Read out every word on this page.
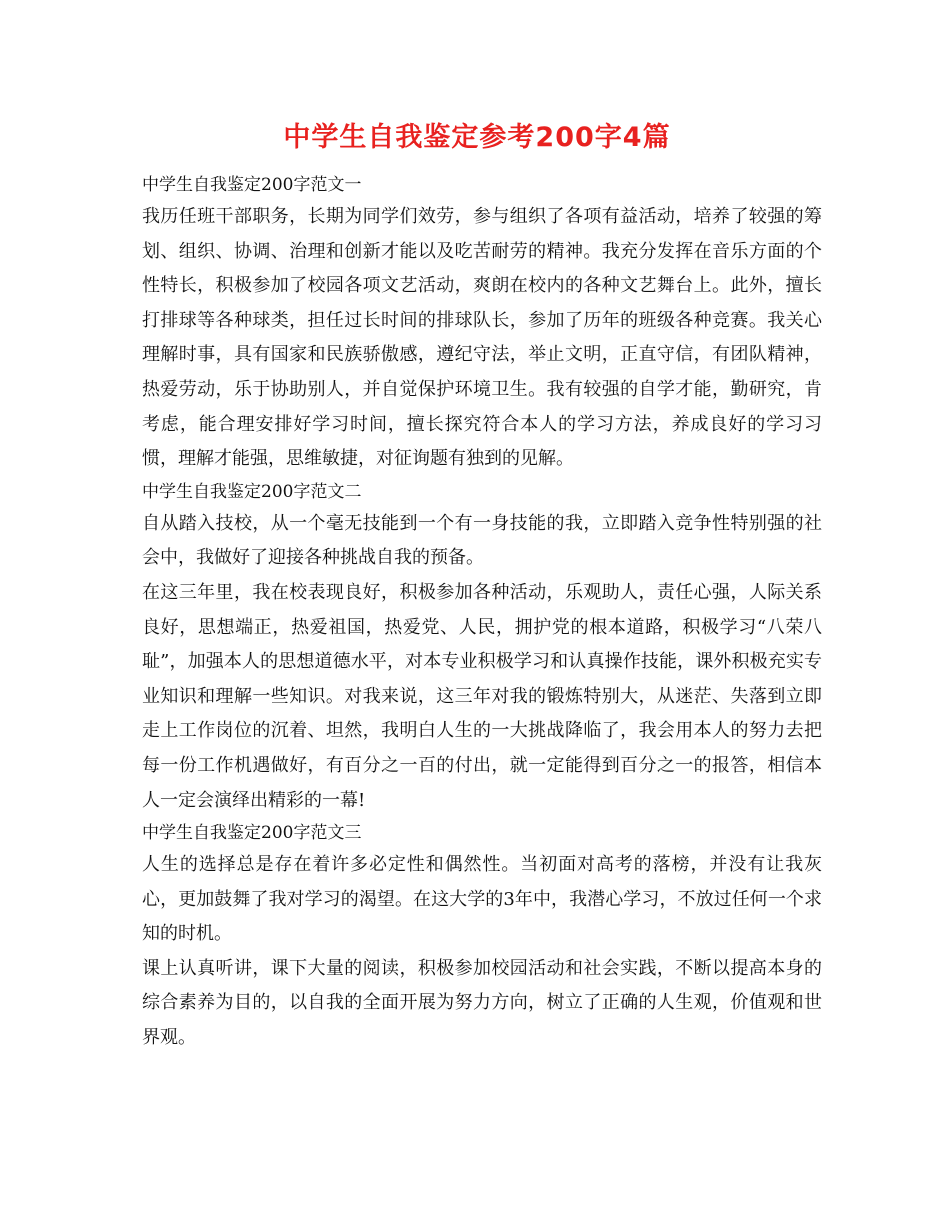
中学生自我鉴定参考200字4篇

中学生自我鉴定200字范文一

我历任班干部职务，长期为同学们效劳，参与组织了各项有益活动，培养了较强的筹划、组织、协调、治理和创新才能以及吃苦耐劳的精神。我充分发挥在音乐方面的个性特长，积极参加了校园各项文艺活动，爽朗在校内的各种文艺舞台上。此外，擅长打排球等各种球类，担任过长时间的排球队长，参加了历年的班级各种竞赛。我关心理解时事，具有国家和民族骄傲感，遵纪守法，举止文明，正直守信，有团队精神，热爱劳动，乐于协助别人，并自觉保护环境卫生。我有较强的自学才能，勤研究，肯考虑，能合理安排好学习时间，擅长探究符合本人的学习方法，养成良好的学习习惯，理解才能强，思维敏捷，对征询题有独到的见解。

中学生自我鉴定200字范文二

自从踏入技校，从一个毫无技能到一个有一身技能的我，立即踏入竞争性特别强的社会中，我做好了迎接各种挑战自我的预备。

在这三年里，我在校表现良好，积极参加各种活动，乐观助人，责任心强，人际关系良好，思想端正，热爱祖国，热爱党、人民，拥护党的根本道路，积极学习“八荣八耻”，加强本人的思想道德水平，对本专业积极学习和认真操作技能，课外积极充实专业知识和理解一些知识。对我来说，这三年对我的锻炼特别大，从迷茫、失落到立即走上工作岗位的沉着、坦然，我明白人生的一大挑战降临了，我会用本人的努力去把每一份工作机遇做好，有百分之一百的付出，就一定能得到百分之一的报答，相信本人一定会演绎出精彩的一幕!

中学生自我鉴定200字范文三

人生的选择总是存在着许多必定性和偶然性。当初面对高考的落榜，并没有让我灰心，更加鼓舞了我对学习的渴望。在这大学的3年中，我潜心学习，不放过任何一个求知的时机。

课上认真听讲，课下大量的阅读，积极参加校园活动和社会实践，不断以提高本身的综合素养为目的，以自我的全面开展为努力方向，树立了正确的人生观，价值观和世界观。
